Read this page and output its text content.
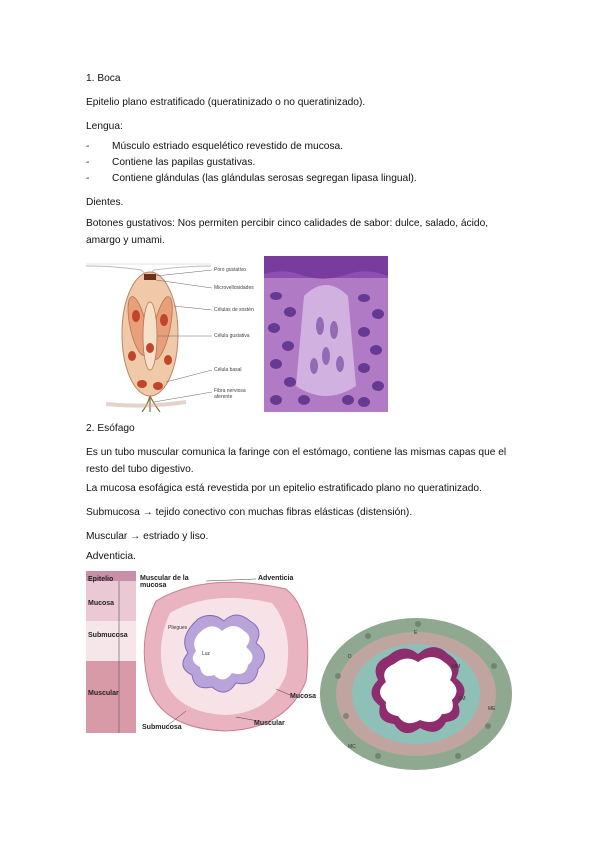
1. Boca
Epitelio plano estratificado (queratinizado o no queratinizado).
Lengua:
- Músculo estriado esquelético revestido de mucosa.
- Contiene las papilas gustativas.
- Contiene glándulas (las glándulas serosas segregan lipasa lingual).
Dientes.
Botones gustativos: Nos permiten percibir cinco calidades de sabor: dulce, salado, ácido, amargo y umami.
Poro gustativo
Microvellosidades
Células de sostén
Célula gustativa
Célula basal
Fibra nerviosa aferente
2. Esófago
Es un tubo muscular comunica la faringe con el estómago, contiene las mismas capas que el resto del tubo digestivo.
La mucosa esofágica está revestida por un epitelio estratificado plano no queratinizado.
Submucosa → tejido conectivo con muchas fibras elásticas (distensión).
Muscular → estriado y liso.
Adventicia.
Epitelio
Mucosa
Submucosa
Muscular
Muscular de la mucosa
Adventicia
Pliegues
Luz
Mucosa
Submucosa
Muscular
E
MM
SM
ME
D
MC
